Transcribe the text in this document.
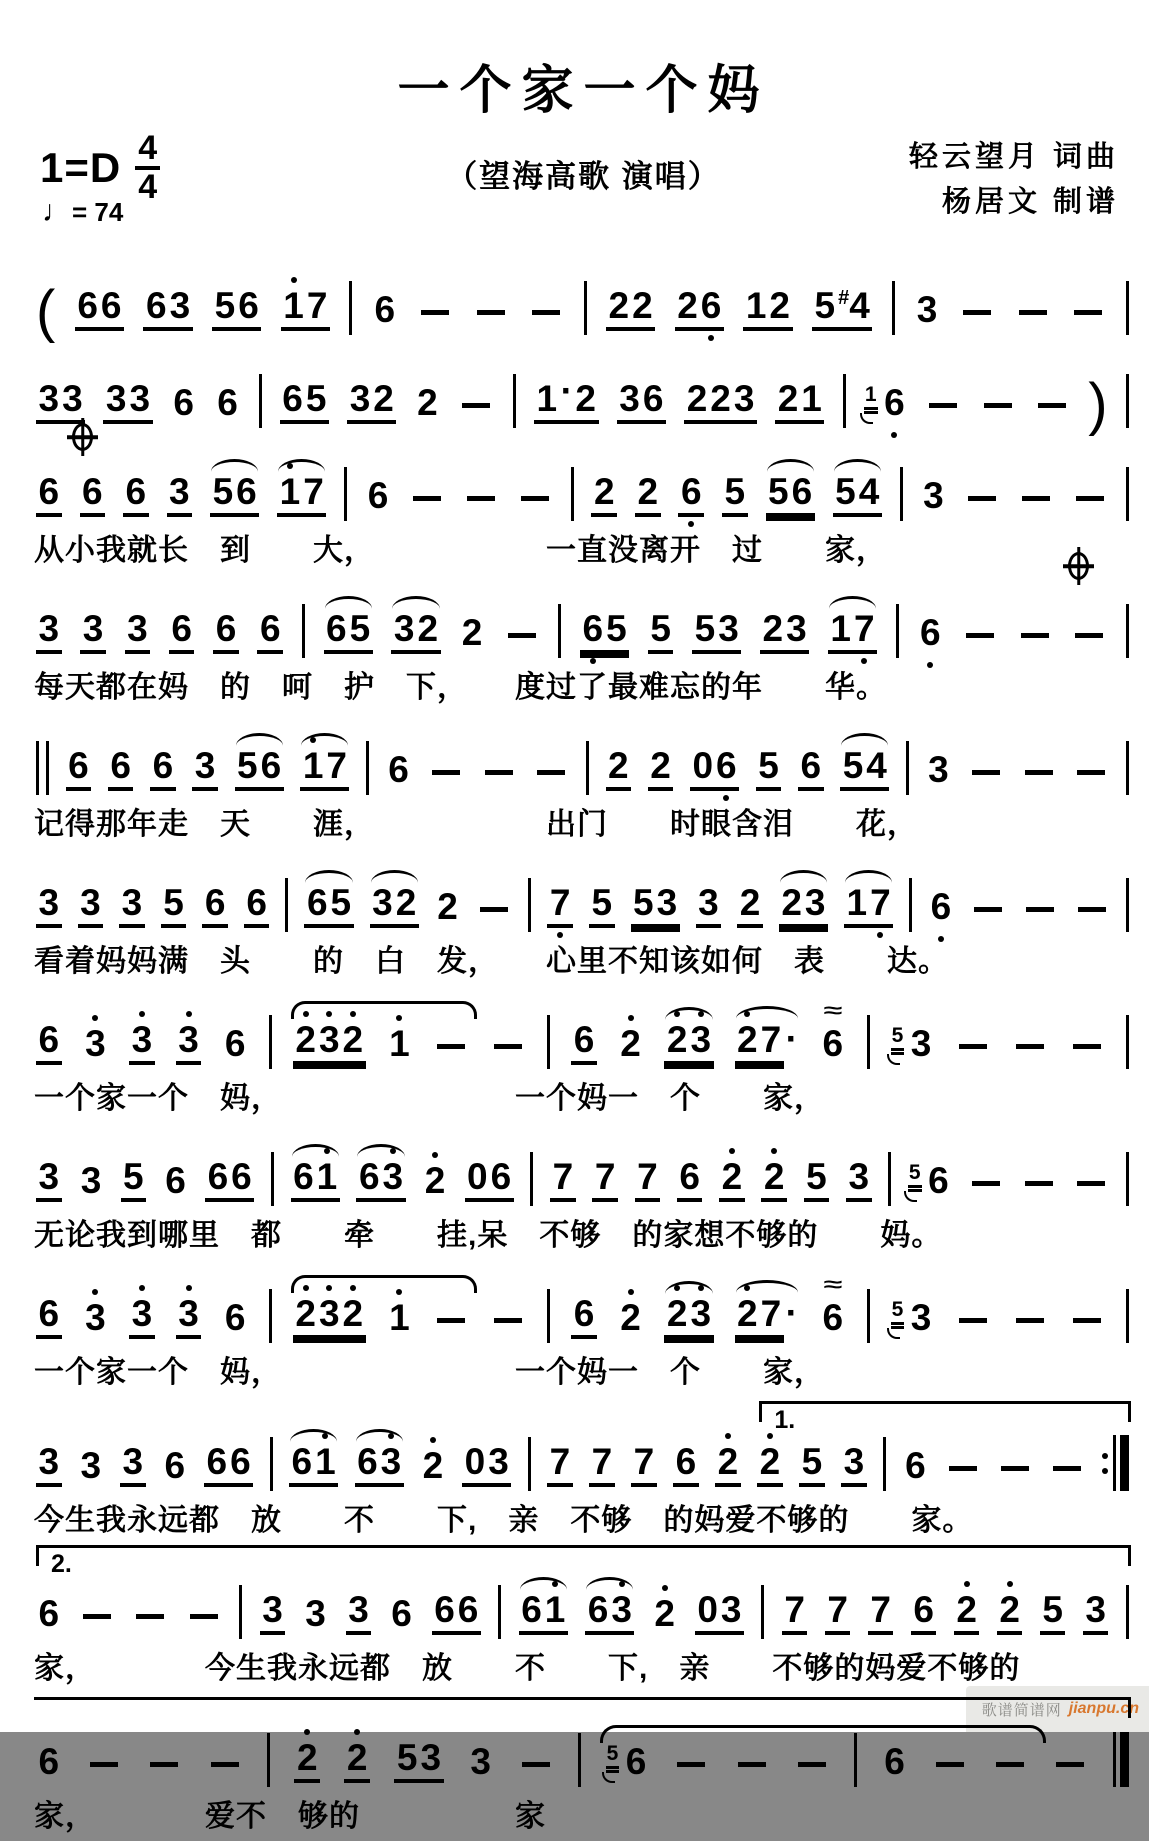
一个家一个妈
$1=D \frac{4}{4}$
♩= 74
（望海高歌 演唱）
轻云望月 词曲
杨居文 制谱
( 6 6 6 3 5 6 1 7 6	2 2 2 6 1 2 5 #4 3
3 3 3 3 6 6 6 5 3 2 2	1 · 2 3 6 2 2 3 2 1 1 6	)
6 6 6 3 5 6 1 7 6	2 2 6 5 5 6 5 4 3
从小我就长　到　　大，　　　　　　一直没离开　过　　家，
3 3 3 6 6 6 6 5 3 2 2	6 5 5 5 3 2 3 1 7 6
每天都在妈　的　呵　护　下，　　度过了最难忘的年　　华。
6 6 6 3 5 6 1 7 6	2 2 0 6 5 6 5 4 3
记得那年走　天　　涯，　　　　　　出门　　时眼含泪　　花，
3 3 3 5 6 6 6 5 3 2 2 7 5 5 3 3 2 2 3 1 7 6
看着妈妈满　头　　的　白　发，　　心里不知该如何　表　　达。
6 3 3 3 6 2 3 2 1	6 2 2 3 2 7 · 6
≈
5 3
一个家一个　妈，　　　　　　　　一个妈一　个　　家，
3 3 5 6 6 6 6 1 6 3 2 0 6 7 7 7 6 2 2 5 3 5 6
无论我到哪里　都　　牵　　挂,呆　不够　的家想不够的　　妈。
6 3 3 3 6 2 3 2 1	6 2 2 3 2 7 · 6
≈
5 3
一个家一个　妈，　　　　　　　　一个妈一　个　　家，
1.
3 3 3 6 6 6 6 1 6 3 2 0 3 7 7 7 6 2 2 5 3 6
今生我永远都　放　　不　　下,　亲　不够　的妈爱不够的　　家。
2.
6	3 3 3 6 6 6 6 1 6 3 2 0 3 7 7 7 6 2 2 5 3
家，　　　　今生我永远都　放　　不　　下,　亲　　不够的妈爱不够的
6	2 2 5 3 3	5 6	6
家，　　　　爱不　够的　　　　　家
歌谱简谱网 jianpu.cn
